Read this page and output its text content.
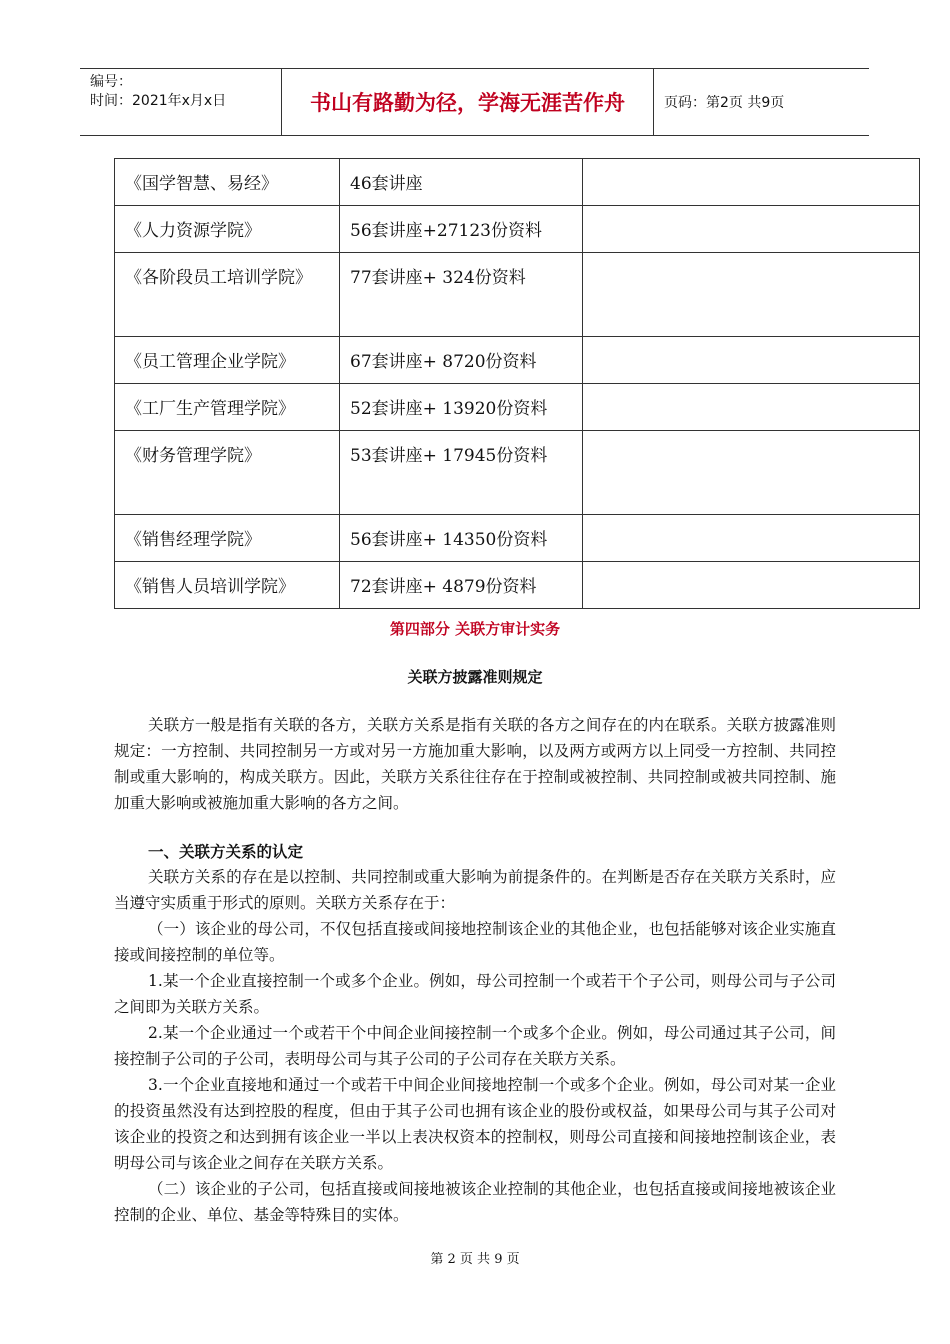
编号：
时间：2021年x月x日	书山有路勤为径，学海无涯苦作舟	页码：第2页 共9页
《国学智慧、易经》	46套讲座	
《人力资源学院》	56套讲座+27123份资料	
《各阶段员工培训学院》	77套讲座+ 324份资料	
《员工管理企业学院》	67套讲座+ 8720份资料	
《工厂生产管理学院》	52套讲座+ 13920份资料	
《财务管理学院》	53套讲座+ 17945份资料	
《销售经理学院》	56套讲座+ 14350份资料	
《销售人员培训学院》	72套讲座+ 4879份资料	
第四部分 关联方审计实务
关联方披露准则规定

关联方一般是指有关联的各方，关联方关系是指有关联的各方之间存在的内在联系。关联方披露准则规定：一方控制、共同控制另一方或对另一方施加重大影响，以及两方或两方以上同受一方控制、共同控制或重大影响的，构成关联方。因此，关联方关系往往存在于控制或被控制、共同控制或被共同控制、施加重大影响或被施加重大影响的各方之间。

一、关联方关系的认定

关联方关系的存在是以控制、共同控制或重大影响为前提条件的。在判断是否存在关联方关系时，应当遵守实质重于形式的原则。关联方关系存在于：

（一）该企业的母公司，不仅包括直接或间接地控制该企业的其他企业，也包括能够对该企业实施直接或间接控制的单位等。

1.某一个企业直接控制一个或多个企业。例如，母公司控制一个或若干个子公司，则母公司与子公司之间即为关联方关系。

2.某一个企业通过一个或若干个中间企业间接控制一个或多个企业。例如，母公司通过其子公司，间接控制子公司的子公司，表明母公司与其子公司的子公司存在关联方关系。

3.一个企业直接地和通过一个或若干中间企业间接地控制一个或多个企业。例如，母公司对某一企业的投资虽然没有达到控股的程度，但由于其子公司也拥有该企业的股份或权益，如果母公司与其子公司对该企业的投资之和达到拥有该企业一半以上表决权资本的控制权，则母公司直接和间接地控制该企业，表明母公司与该企业之间存在关联方关系。

（二）该企业的子公司，包括直接或间接地被该企业控制的其他企业，也包括直接或间接地被该企业控制的企业、单位、基金等特殊目的实体。

第 2 页 共 9 页
